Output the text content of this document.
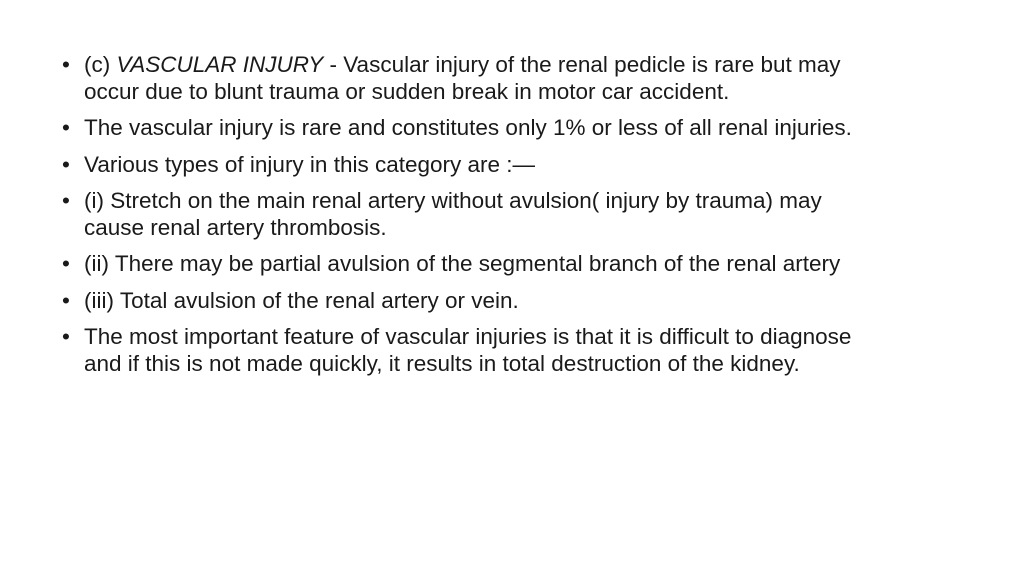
• (c) VASCULAR INJURY - Vascular injury of the renal pedicle is rare but may occur due to blunt trauma or sudden break in motor car accident.
• The vascular injury is rare and constitutes only 1% or less of all renal injuries.
• Various types of injury in this category are :—
• (i) Stretch on the main renal artery without avulsion( injury by trauma) may cause renal artery thrombosis.
• (ii) There may be partial avulsion of the segmental branch of the renal artery
• (iii) Total avulsion of the renal artery or vein.
• The most important feature of vascular injuries is that it is difficult to diagnose and if this is not made quickly, it results in total destruction of the kidney.
